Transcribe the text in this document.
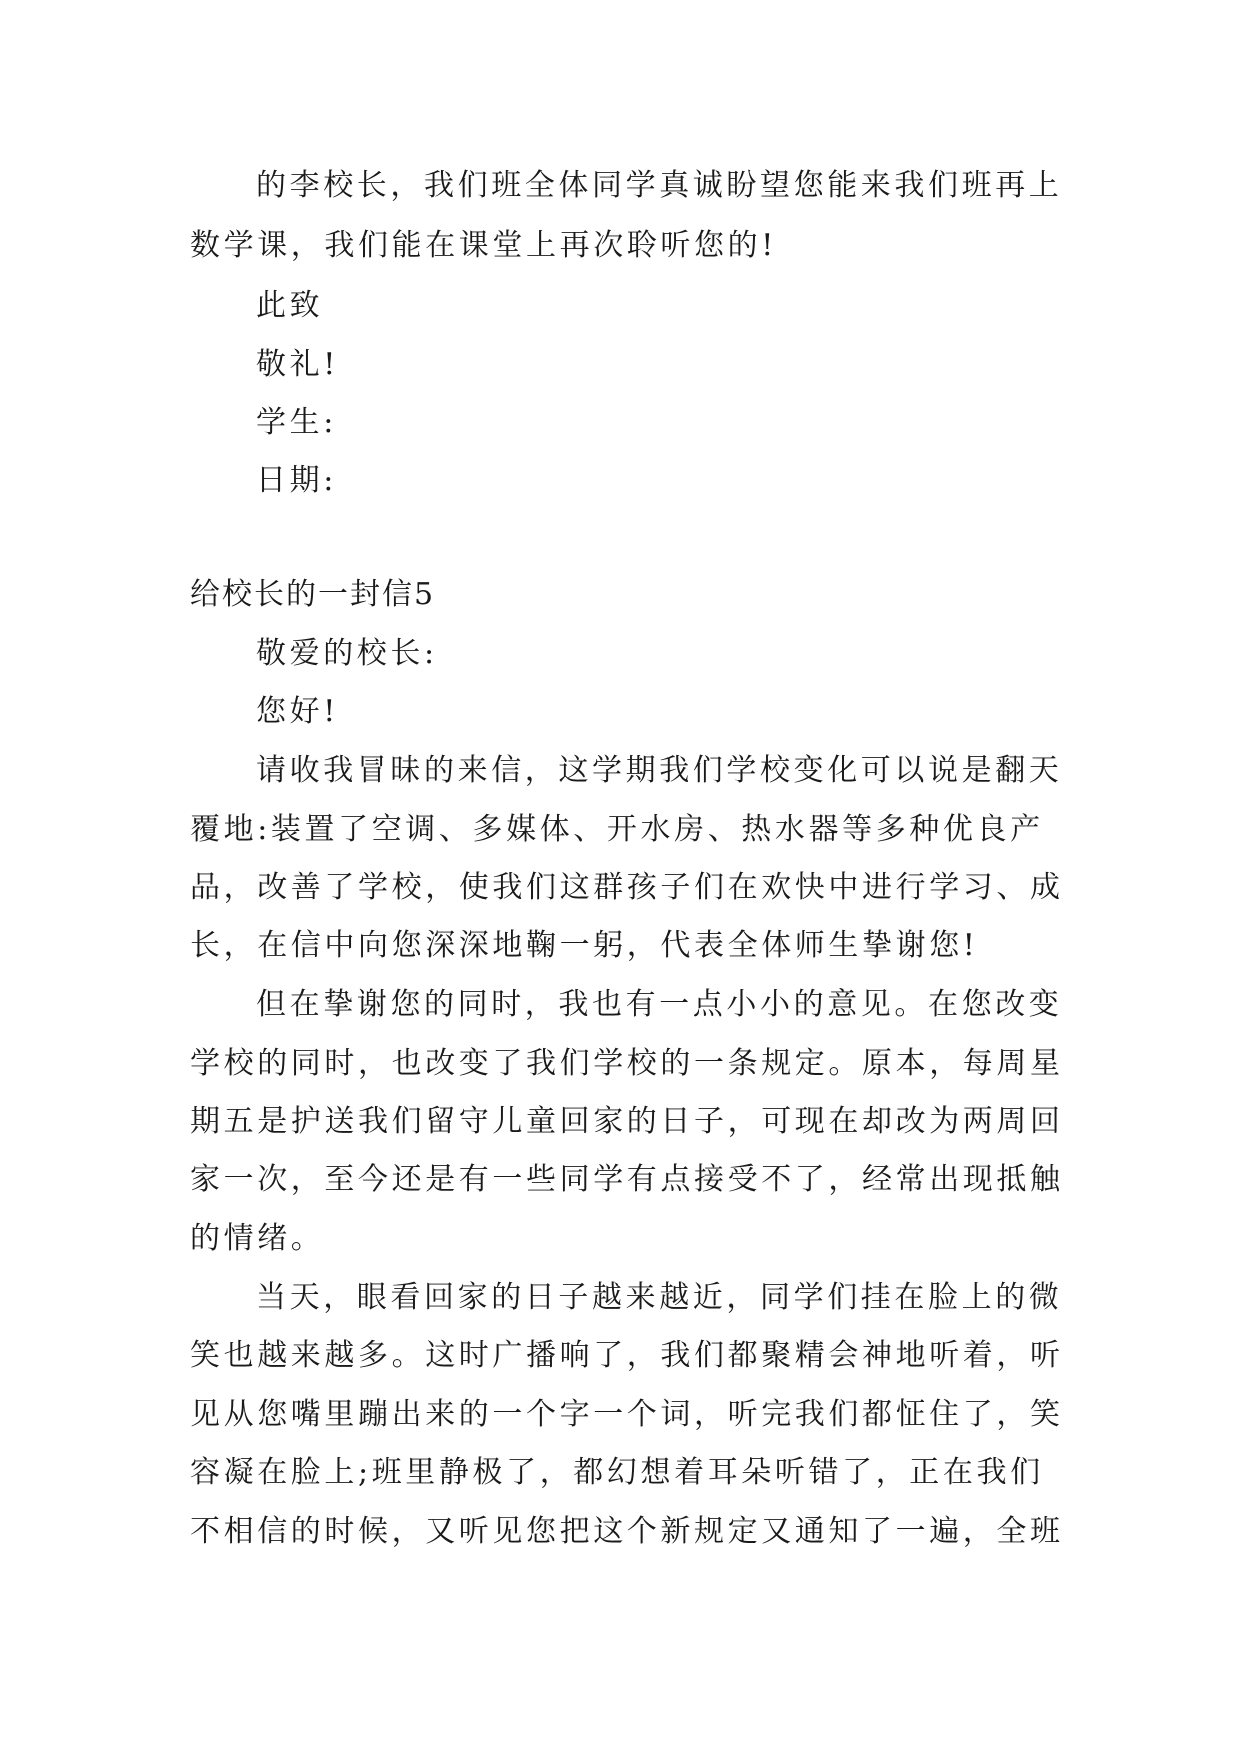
的李校长，我们班全体同学真诚盼望您能来我们班再上
数学课，我们能在课堂上再次聆听您的!
此致
敬礼!
学生:
日期:
给校长的一封信5
敬爱的校长:
您好!
请收我冒昧的来信，这学期我们学校变化可以说是翻天
覆地:装置了空调、多媒体、开水房、热水器等多种优良产
品，改善了学校，使我们这群孩子们在欢快中进行学习、成
长，在信中向您深深地鞠一躬，代表全体师生挚谢您!
但在挚谢您的同时，我也有一点小小的意见。在您改变
学校的同时，也改变了我们学校的一条规定。原本，每周星
期五是护送我们留守儿童回家的日子，可现在却改为两周回
家一次，至今还是有一些同学有点接受不了，经常出现抵触
的情绪。
当天，眼看回家的日子越来越近，同学们挂在脸上的微
笑也越来越多。这时广播响了，我们都聚精会神地听着，听
见从您嘴里蹦出来的一个字一个词，听完我们都怔住了，笑
容凝在脸上;班里静极了，都幻想着耳朵听错了，正在我们
不相信的时候，又听见您把这个新规定又通知了一遍，全班
